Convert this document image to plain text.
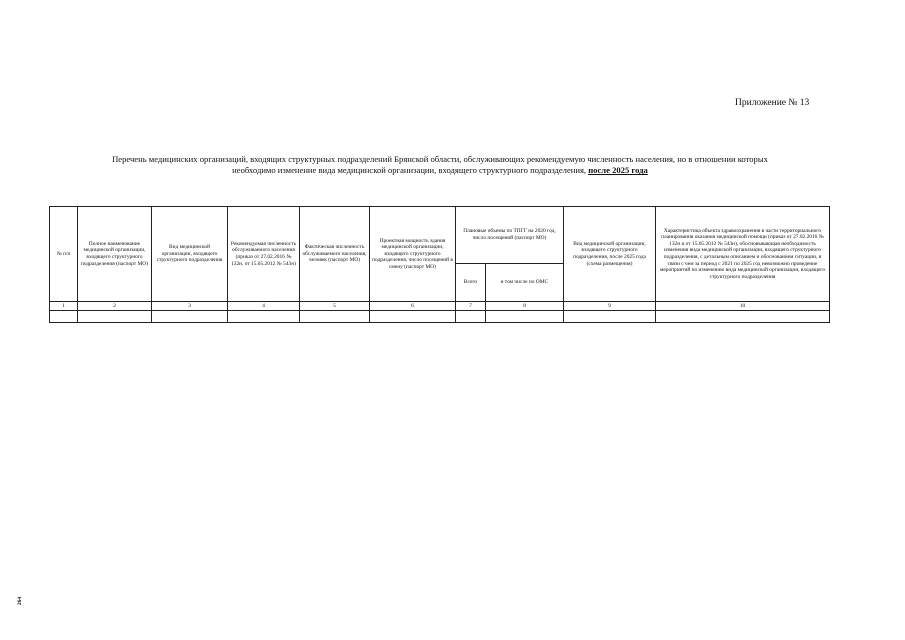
Приложение № 13
Перечень медицинских организаций, входящих структурных подразделений Брянской области, обслуживающих рекомендуемую численность населения, но в отношении которых
необходимо изменение вида медицинской организации, входящего структурного подразделения, после 2025 года
№ п/п	Полное наименование медицинской организации, входящего структурного подразделения (паспорт МО)	Вид медицинской организации, входящего структурного подразделения	Рекомендуемая численность обслуживаемого населения (приказ от 27.02.2016 № 132н, от 15.05.2012 № 543н)	Фактическая численность обслуживаемого населения, человек (паспорт МО)	Проектная мощность здания медицинской организации, входящего структурного подразделения, число посещений в смену (паспорт МО)	Плановые объемы по ТПГГ на 2020 год, число посещений (паспорт МО)		Вид медицинской организации, входящего структурного подразделения, после 2025 года (схема размещения)	Характеристика объекта здравоохранения в части территориального планирования оказания медицинской помощи (приказ от 27.02.2016 № 132н и от 15.05.2012 № 543н), обосновывающая необходимость изменения вида медицинской организации, входящего структурного подразделения, с детальным описанием и обоснованием ситуации, в связи с чем за период с 2021 по 2025 год невозможно проведение мероприятий по изменению вида медицинской организации, входящего структурного подразделения
						Всего	в том числе по ОМС		
1	2	3	4	5	6	7	8	9	10

264
